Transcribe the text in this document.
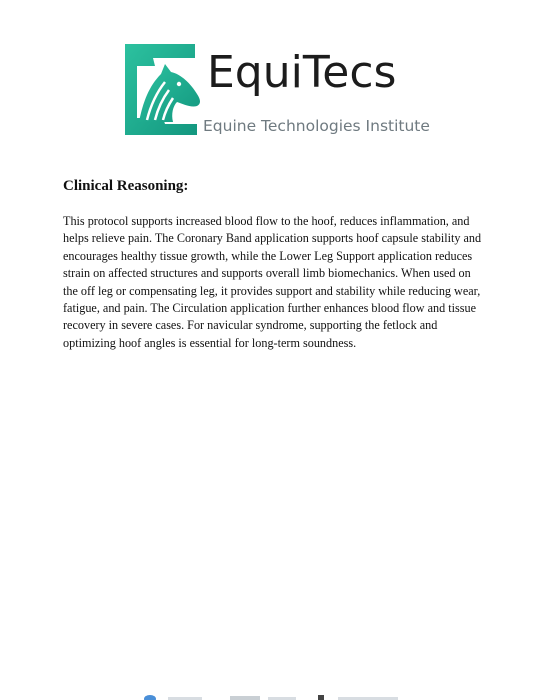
EquiTecs
Equine Technologies Institute
Clinical Reasoning:

This protocol supports increased blood flow to the hoof, reduces inflammation, and helps relieve pain. The Coronary Band application supports hoof capsule stability and encourages healthy tissue growth, while the Lower Leg Support application reduces strain on affected structures and supports overall limb biomechanics. When used on the off leg or compensating leg, it provides support and stability while reducing wear, fatigue, and pain. The Circulation application further enhances blood flow and tissue recovery in severe cases. For navicular syndrome, supporting the fetlock and optimizing hoof angles is essential for long-term soundness.
